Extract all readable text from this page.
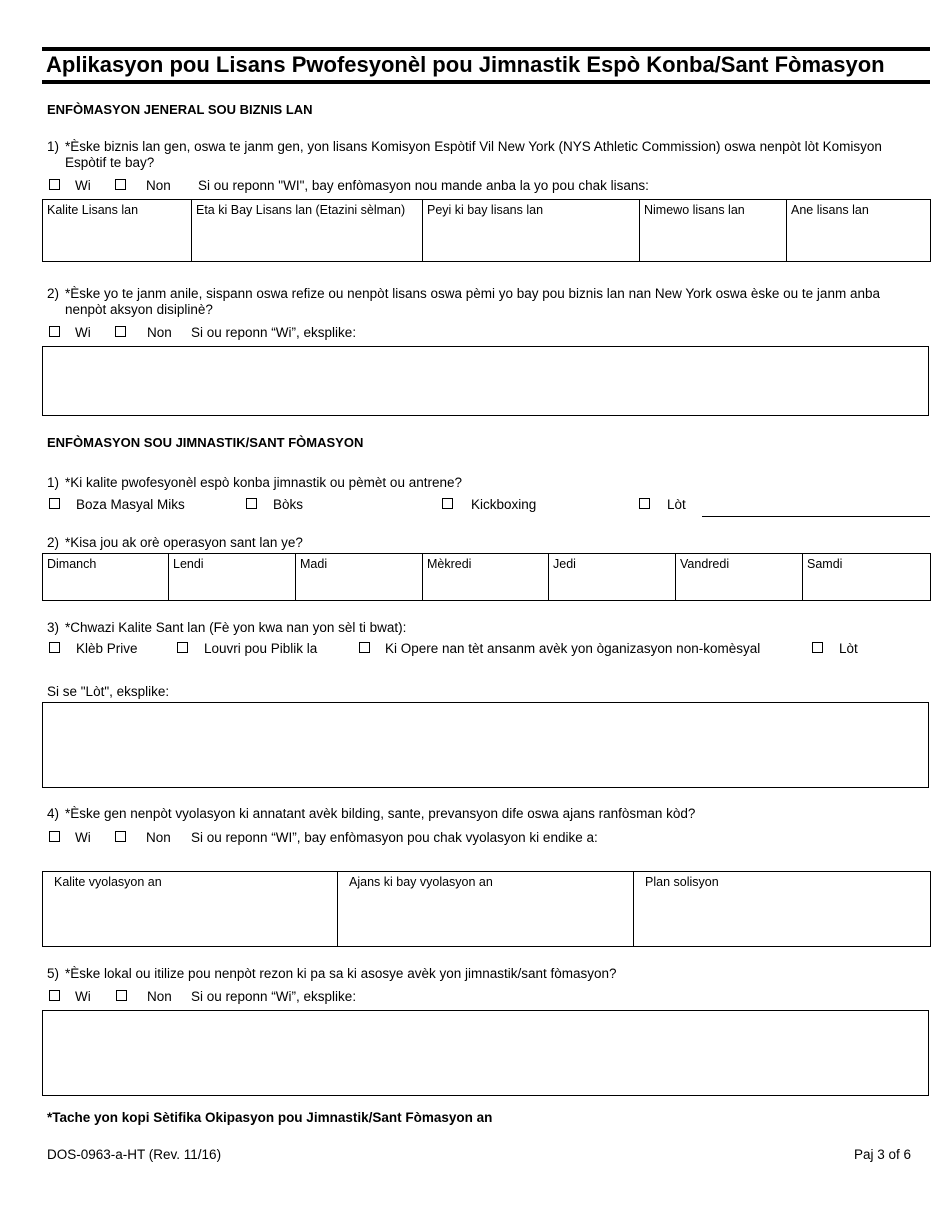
Aplikasyon pou Lisans Pwofesyonèl pou Jimnastik Espò Konba/Sant Fòmasyon
ENFÒMASYON JENERAL SOU BIZNIS LAN
1) *Èske biznis lan gen, oswa te janm gen, yon lisans Komisyon Espòtif Vil New York (NYS Athletic Commission) oswa nenpòt lòt Komisyon
Espòtif te bay?
Wi	Non Si ou reponn "WI", bay enfòmasyon nou mande anba la yo pou chak lisans:
Kalite Lisans lan	Eta ki Bay Lisans lan (Etazini sèlman)	Peyi ki bay lisans lan	Nimewo lisans lan	Ane lisans lan
2) *Èske yo te janm anile, sispann oswa refize ou nenpòt lisans oswa pèmi yo bay pou biznis lan nan New York oswa èske ou te janm anba
nenpòt aksyon disiplinè?
Wi	Non Si ou reponn “Wi”, eksplike:
ENFÒMASYON SOU JIMNASTIK/SANT FÒMASYON
1) *Ki kalite pwofesyonèl espò konba jimnastik ou pèmèt ou antrene?
Boza Masyal Miks	Bòks	Kickboxing	Lòt
2) *Kisa jou ak orè operasyon sant lan ye?
Dimanch	Lendi	Madi	Mèkredi	Jedi	Vandredi	Samdi
3) *Chwazi Kalite Sant lan (Fè yon kwa nan yon sèl ti bwat):
Klèb Prive	Louvri pou Piblik la	Ki Opere nan tèt ansanm avèk yon òganizasyon non-komèsyal	Lòt
Si se "Lòt", eksplike:
4) *Èske gen nenpòt vyolasyon ki annatant avèk bilding, sante, prevansyon dife oswa ajans ranfòsman kòd?
Wi	Non Si ou reponn “WI”, bay enfòmasyon pou chak vyolasyon ki endike a:
Kalite vyolasyon an	Ajans ki bay vyolasyon an	Plan solisyon
5) *Èske lokal ou itilize pou nenpòt rezon ki pa sa ki asosye avèk yon jimnastik/sant fòmasyon?
Wi	Non Si ou reponn “Wi”, eksplike:
*Tache yon kopi Sètifika Okipasyon pou Jimnastik/Sant Fòmasyon an
DOS-0963-a-HT (Rev. 11/16)	Paj 3 of 6
